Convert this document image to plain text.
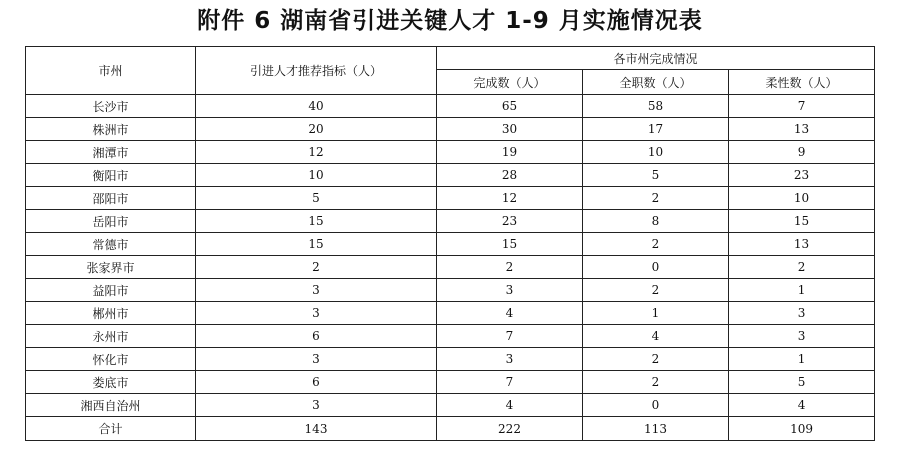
附件 6 湖南省引进关键人才 1-9 月实施情况表
市州	引进人才推荐指标（人）	各市州完成情况		
		完成数（人）	全职数（人）	柔性数（人）
长沙市	40	65	58	7
株洲市	20	30	17	13
湘潭市	12	19	10	9
衡阳市	10	28	5	23
邵阳市	5	12	2	10
岳阳市	15	23	8	15
常德市	15	15	2	13
张家界市	2	2	0	2
益阳市	3	3	2	1
郴州市	3	4	1	3
永州市	6	7	4	3
怀化市	3	3	2	1
娄底市	6	7	2	5
湘西自治州	3	4	0	4
合计	143	222	113	109
